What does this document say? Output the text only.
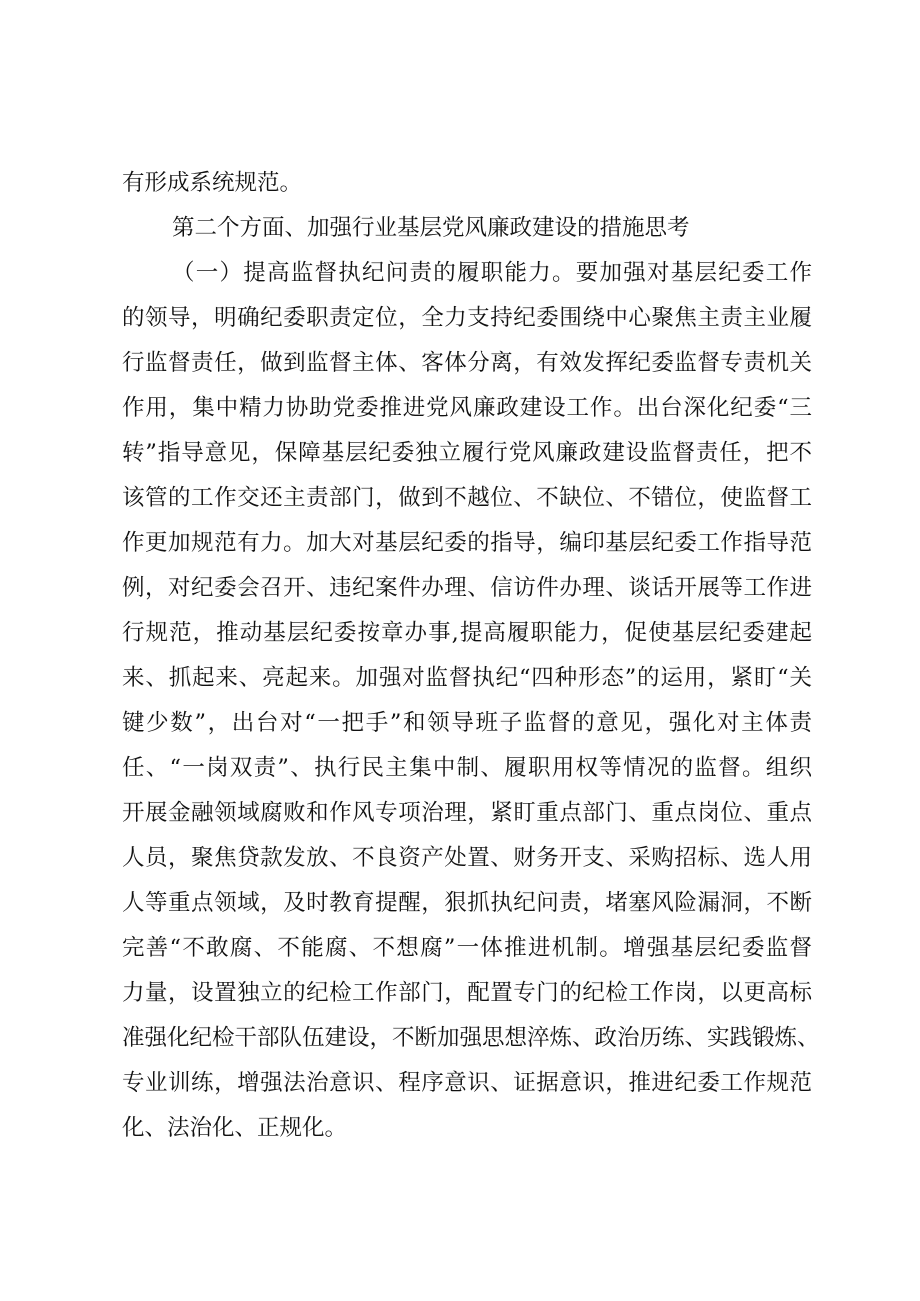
有形成系统规范。
第二个方面、加强行业基层党风廉政建设的措施思考
（一）提高监督执纪问责的履职能力。要加强对基层纪委工作
的领导，明确纪委职责定位，全力支持纪委围绕中心聚焦主责主业履
行监督责任，做到监督主体、客体分离，有效发挥纪委监督专责机关
作用，集中精力协助党委推进党风廉政建设工作。出台深化纪委“三
转”指导意见，保障基层纪委独立履行党风廉政建设监督责任，把不
该管的工作交还主责部门，做到不越位、不缺位、不错位，使监督工
作更加规范有力。加大对基层纪委的指导，编印基层纪委工作指导范
例，对纪委会召开、违纪案件办理、信访件办理、谈话开展等工作进
行规范，推动基层纪委按章办事,提高履职能力，促使基层纪委建起
来、抓起来、亮起来。加强对监督执纪“四种形态”的运用，紧盯“关
键少数”，出台对“一把手”和领导班子监督的意见，强化对主体责
任、“一岗双责”、执行民主集中制、履职用权等情况的监督。组织
开展金融领域腐败和作风专项治理，紧盯重点部门、重点岗位、重点
人员，聚焦贷款发放、不良资产处置、财务开支、采购招标、选人用
人等重点领域，及时教育提醒，狠抓执纪问责，堵塞风险漏洞，不断
完善“不敢腐、不能腐、不想腐”一体推进机制。增强基层纪委监督
力量，设置独立的纪检工作部门，配置专门的纪检工作岗，以更高标
准强化纪检干部队伍建设，不断加强思想淬炼、政治历练、实践锻炼、
专业训练，增强法治意识、程序意识、证据意识，推进纪委工作规范
化、法治化、正规化。
